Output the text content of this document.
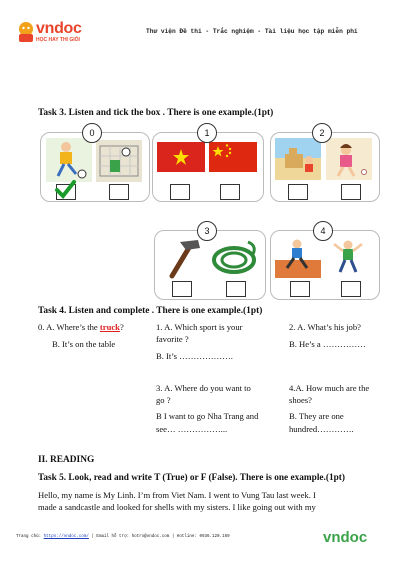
vndoc
HỌC HAY THI GIỎI
Thư viện Đề thi - Trắc nghiệm - Tài liệu học tập miễn phí
Task 3. Listen and tick the box . There is one example.(1pt)
0	1	2
3	4
Task 4. Listen and complete . There is one example.(1pt)
0. A. Where’s the truck?
B. It’s on the table
1. A. Which sport is your
favorite ?
B. It’s ……………….
2. A. What’s his job?
B. He’s a ……………
3. A. Where do you want to
go ?
B I want to go Nha Trang and
see… ……………...
4.A. How much are the
shoes?
B. They are one
hundred………….
II. READING
Task 5. Look, read and write T (True) or F (False). There is one example.(1pt)
Hello, my name is My Linh. I’m from Viet Nam. I went to Vung Tau last week. I
made a sandcastle and looked for shells with my sisters. I like going out with my
Trang chủ: https://vndoc.com/ | Email hỗ trợ: hotro@vndoc.com | Hotline: 0936.120.169	vndoc
